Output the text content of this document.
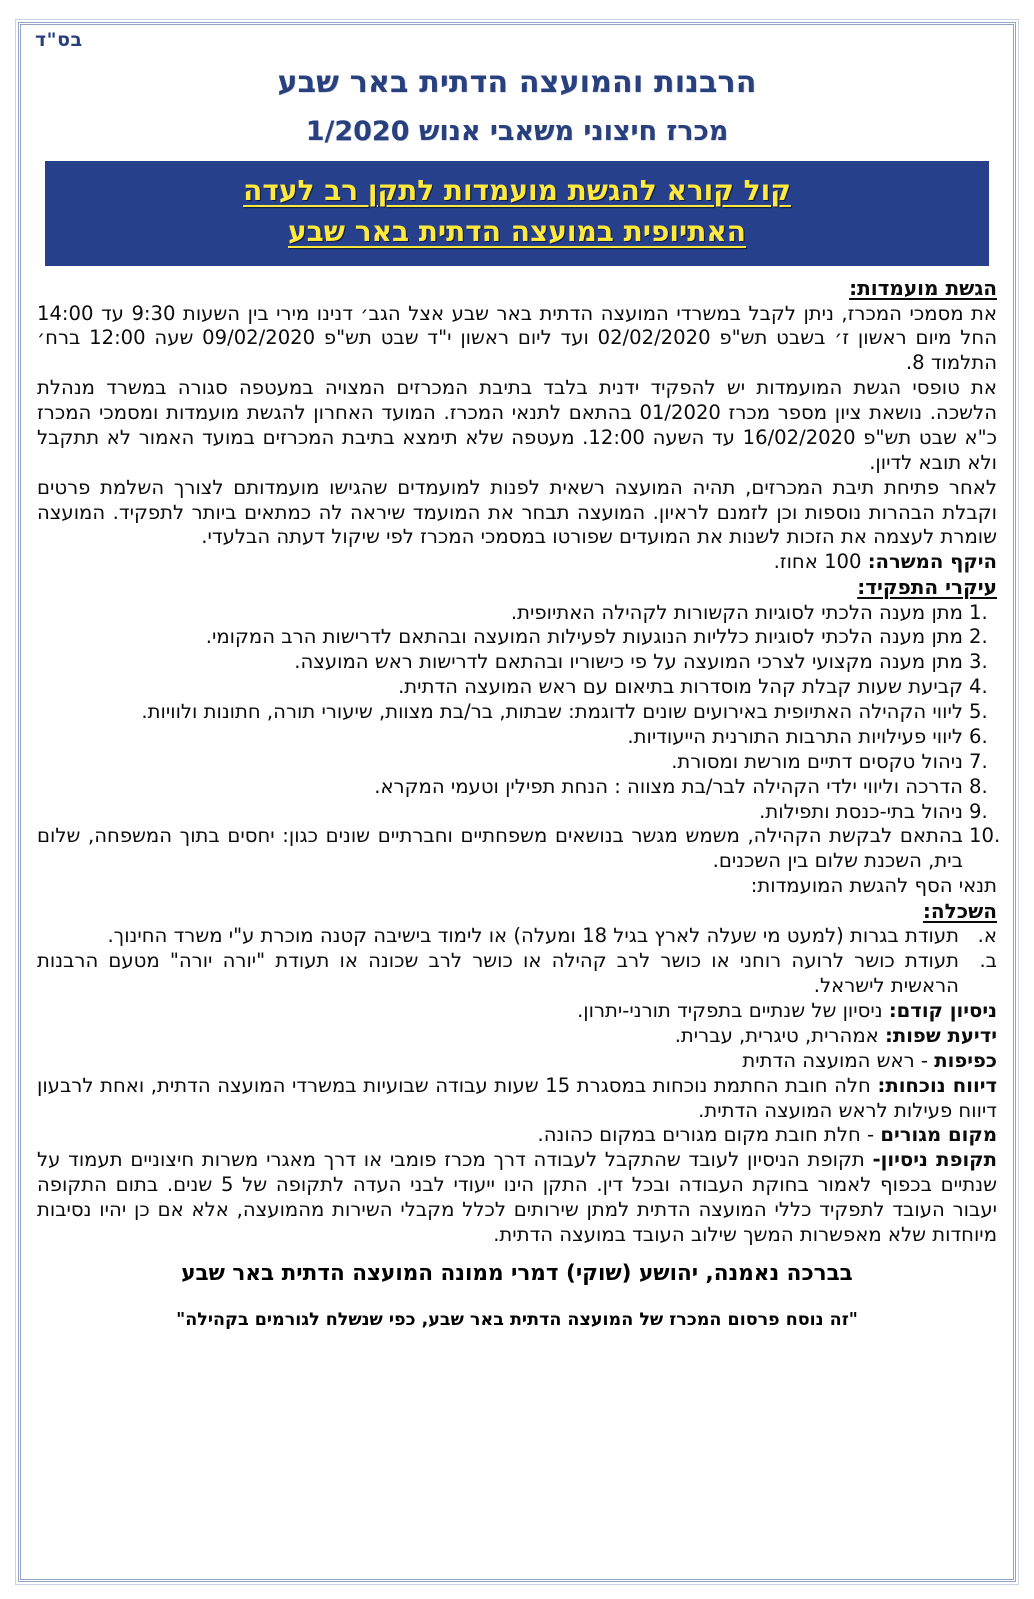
בס"ד
הרבנות והמועצה הדתית באר שבע
מכרז חיצוני משאבי אנוש 1/2020
קול קורא להגשת מועמדות לתקן רב לעדה
האתיופית במועצה הדתית באר שבע

הגשת מועמדות:

את מסמכי המכרז, ניתן לקבל במשרדי המועצה הדתית באר שבע אצל הגב׳ דנינו מירי בין השעות 9:30 עד 14:00 החל מיום ראשון ז׳ בשבט תש"פ 02/02/2020 ועד ליום ראשון י"ד שבט תש"פ 09/02/2020 שעה 12:00 ברח׳ התלמוד 8.

את טופסי הגשת המועמדות יש להפקיד ידנית בלבד בתיבת המכרזים המצויה במעטפה סגורה במשרד מנהלת הלשכה. נושאת ציון מספר מכרז 01/2020 בהתאם לתנאי המכרז. המועד האחרון להגשת מועמדות ומסמכי המכרז כ"א שבט תש"פ 16/02/2020 עד השעה 12:00. מעטפה שלא תימצא בתיבת המכרזים במועד האמור לא תתקבל ולא תובא לדיון.

לאחר פתיחת תיבת המכרזים, תהיה המועצה רשאית לפנות למועמדים שהגישו מועמדותם לצורך השלמת פרטים וקבלת הבהרות נוספות וכן לזמנם לראיון. המועצה תבחר את המועמד שיראה לה כמתאים ביותר לתפקיד. המועצה שומרת לעצמה את הזכות לשנות את המועדים שפורטו במסמכי המכרז לפי שיקול דעתה הבלעדי.

היקף המשרה: 100 אחוז.

עיקרי התפקיד:

מתן מענה הלכתי לסוגיות הקשורות לקהילה האתיופית.
מתן מענה הלכתי לסוגיות כלליות הנוגעות לפעילות המועצה ובהתאם לדרישות הרב המקומי.
מתן מענה מקצועי לצרכי המועצה על פי כישוריו ובהתאם לדרישות ראש המועצה.
קביעת שעות קבלת קהל מוסדרות בתיאום עם ראש המועצה הדתית.
ליווי הקהילה האתיופית באירועים שונים לדוגמת: שבתות, בר/בת מצוות, שיעורי תורה, חתונות ולוויות.
ליווי פעילויות התרבות התורנית הייעודיות.
ניהול טקסים דתיים מורשת ומסורת.
הדרכה וליווי ילדי הקהילה לבר/בת מצווה : הנחת תפילין וטעמי המקרא.
ניהול בתי-כנסת ותפילות.
בהתאם לבקשת הקהילה, משמש מגשר בנושאים משפחתיים וחברתיים שונים כגון: יחסים בתוך המשפחה, שלום בית, השכנת שלום בין השכנים.

תנאי הסף להגשת המועמדות:

השכלה:

א.
תעודת בגרות (למעט מי שעלה לארץ בגיל 18 ומעלה) או לימוד בישיבה קטנה מוכרת ע"י משרד החינוך.
ב.
תעודת כושר לרועה רוחני או כושר לרב קהילה או כושר לרב שכונה או תעודת "יורה יורה" מטעם הרבנות הראשית לישראל.

ניסיון קודם: ניסיון של שנתיים בתפקיד תורני-יתרון.

ידיעת שפות: אמהרית, טיגרית, עברית.

כפיפות - ראש המועצה הדתית

דיווח נוכחות: חלה חובת החתמת נוכחות במסגרת 15 שעות עבודה שבועיות במשרדי המועצה הדתית, ואחת לרבעון דיווח פעילות לראש המועצה הדתית.

מקום מגורים - חלת חובת מקום מגורים במקום כהונה.

תקופת ניסיון- תקופת הניסיון לעובד שהתקבל לעבודה דרך מכרז פומבי או דרך מאגרי משרות חיצוניים תעמוד על שנתיים בכפוף לאמור בחוקת העבודה ובכל דין. התקן הינו ייעודי לבני העדה לתקופה של 5 שנים. בתום התקופה יעבור העובד לתפקיד כללי המועצה הדתית למתן שירותים לכלל מקבלי השירות מהמועצה, אלא אם כן יהיו נסיבות מיוחדות שלא מאפשרות המשך שילוב העובד במועצה הדתית.

בברכה נאמנה, יהושע (שוקי) דמרי ממונה המועצה הדתית באר שבע

"זה נוסח פרסום המכרז של המועצה הדתית באר שבע, כפי שנשלח לגורמים בקהילה"
